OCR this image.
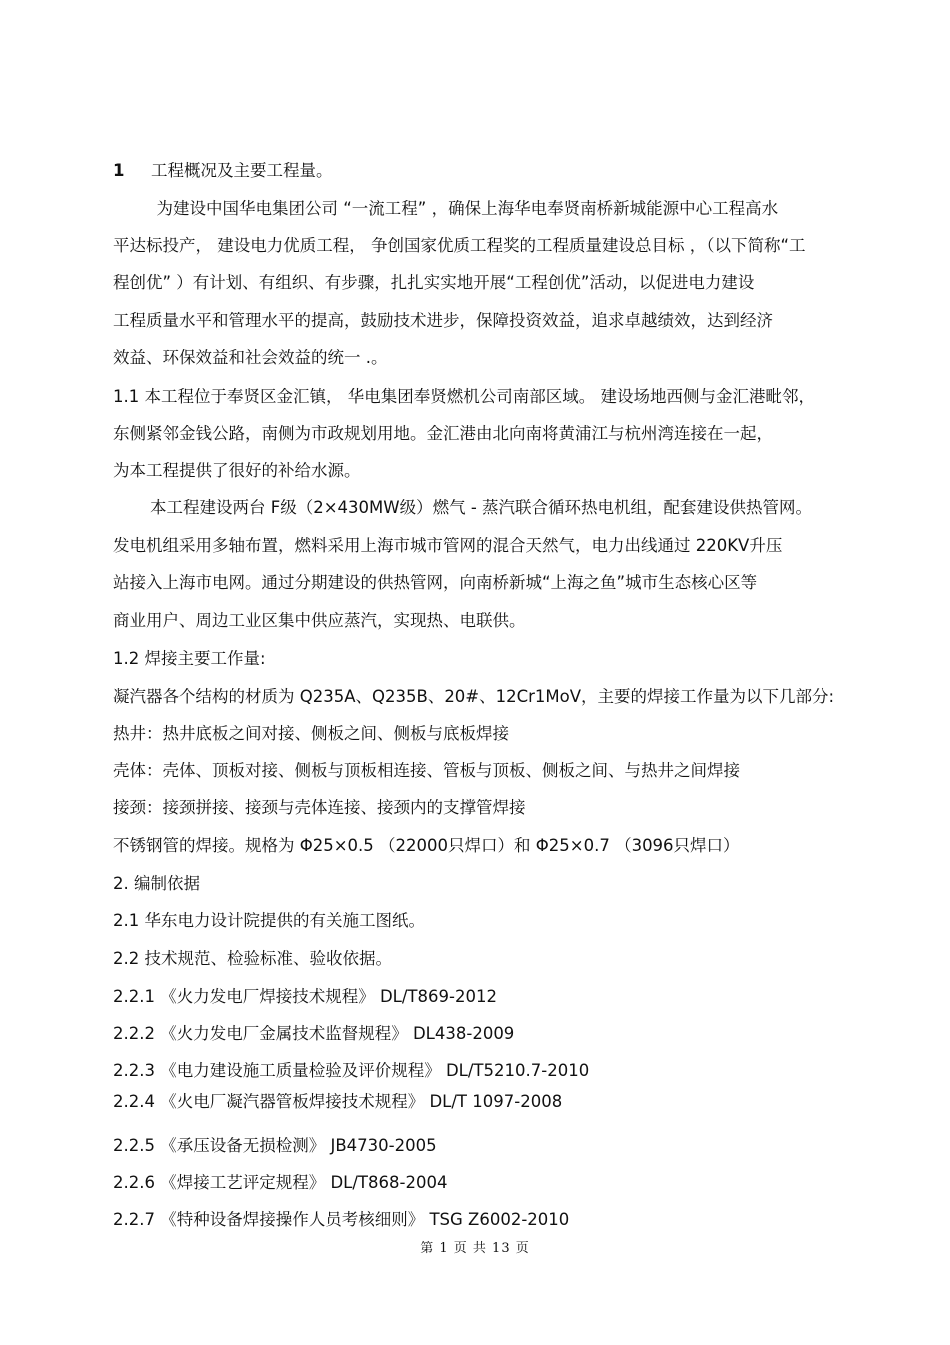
1 工程概况及主要工程量。

　为建设中国华电集团公司 “一流工程” ，确保上海华电奉贤南桥新城能源中心工程高水

平达标投产， 建设电力优质工程， 争创国家优质工程奖的工程质量建设总目标 ，（以下简称“工

程创优” ）有计划、有组织、有步骤，扎扎实实地开展“工程创优”活动，以促进电力建设

工程质量水平和管理水平的提高，鼓励技术进步，保障投资效益，追求卓越绩效，达到经济

效益、环保效益和社会效益的统一 .。

1.1 本工程位于奉贤区金汇镇， 华电集团奉贤燃机公司南部区域。 建设场地西侧与金汇港毗邻，

东侧紧邻金钱公路，南侧为市政规划用地。金汇港由北向南将黄浦江与杭州湾连接在一起，

为本工程提供了很好的补给水源。

本工程建设两台 F级（2×430MW级）燃气 - 蒸汽联合循环热电机组，配套建设供热管网。

发电机组采用多轴布置，燃料采用上海市城市管网的混合天然气，电力出线通过 220KV升压

站接入上海市电网。通过分期建设的供热管网，向南桥新城“上海之鱼”城市生态核心区等

商业用户、周边工业区集中供应蒸汽，实现热、电联供。

1.2 焊接主要工作量:

凝汽器各个结构的材质为 Q235A、Q235B、20#、12Cr1MoV，主要的焊接工作量为以下几部分:

热井：热井底板之间对接、侧板之间、侧板与底板焊接

壳体：壳体、顶板对接、侧板与顶板相连接、管板与顶板、侧板之间、与热井之间焊接

接颈：接颈拼接、接颈与壳体连接、接颈内的支撑管焊接

不锈钢管的焊接。规格为 Φ25×0.5 （22000只焊口）和 Φ25×0.7 （3096只焊口）

2. 编制依据

2.1 华东电力设计院提供的有关施工图纸。

2.2 技术规范、检验标准、验收依据。

2.2.1 《火力发电厂焊接技术规程》 DL/T869-2012

2.2.2 《火力发电厂金属技术监督规程》 DL438-2009

2.2.3 《电力建设施工质量检验及评价规程》 DL/T5210.7-2010

2.2.4 《火电厂凝汽器管板焊接技术规程》 DL/T 1097-2008

2.2.5 《承压设备无损检测》 JB4730-2005

2.2.6 《焊接工艺评定规程》 DL/T868-2004

2.2.7 《特种设备焊接操作人员考核细则》 TSG Z6002-2010

第 1 页 共 13 页
